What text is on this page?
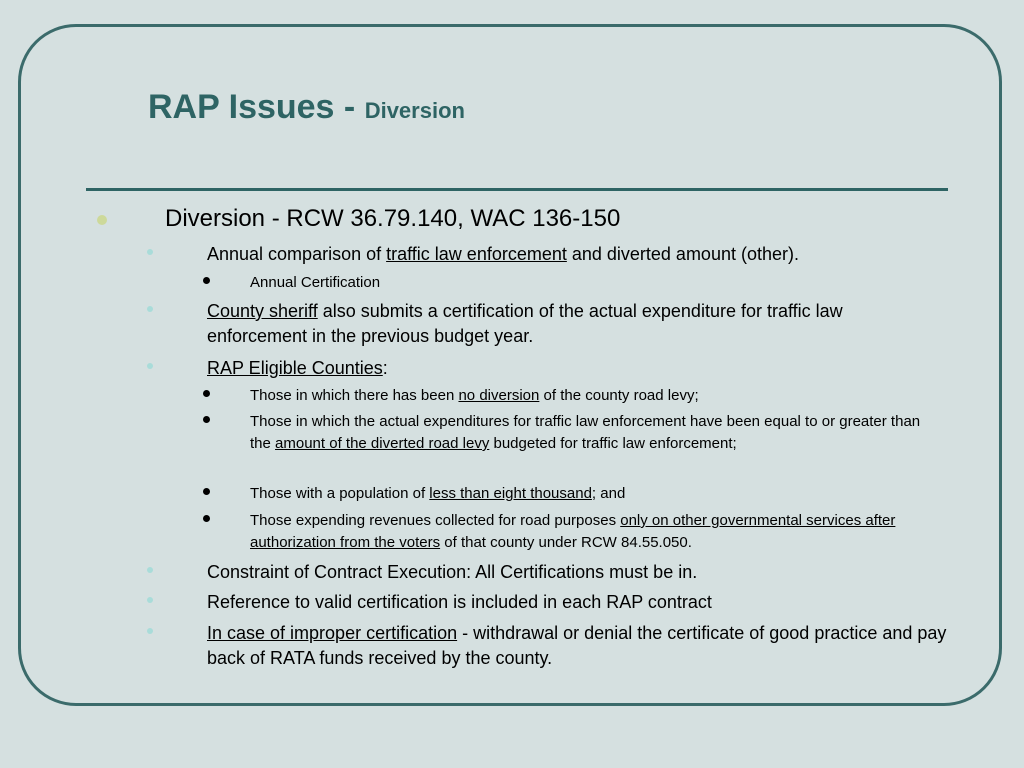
RAP Issues - Diversion
Diversion - RCW 36.79.140, WAC 136-150
Annual comparison of traffic law enforcement and diverted amount (other).
Annual Certification
County sheriff also submits a certification of the actual expenditure for traffic law enforcement in the previous budget year.
RAP Eligible Counties:
Those in which there has been no diversion of the county road levy;
Those in which the actual expenditures for traffic law enforcement have been equal to or greater than the amount of the diverted road levy budgeted for traffic law enforcement;
Those with a population of less than eight thousand; and
Those expending revenues collected for road purposes only on other governmental services after authorization from the voters of that county under RCW 84.55.050.
Constraint of Contract Execution: All Certifications must be in.
Reference to valid certification is included in each RAP contract
In case of improper certification - withdrawal or denial the certificate of good practice and pay back of RATA funds received by the county.
